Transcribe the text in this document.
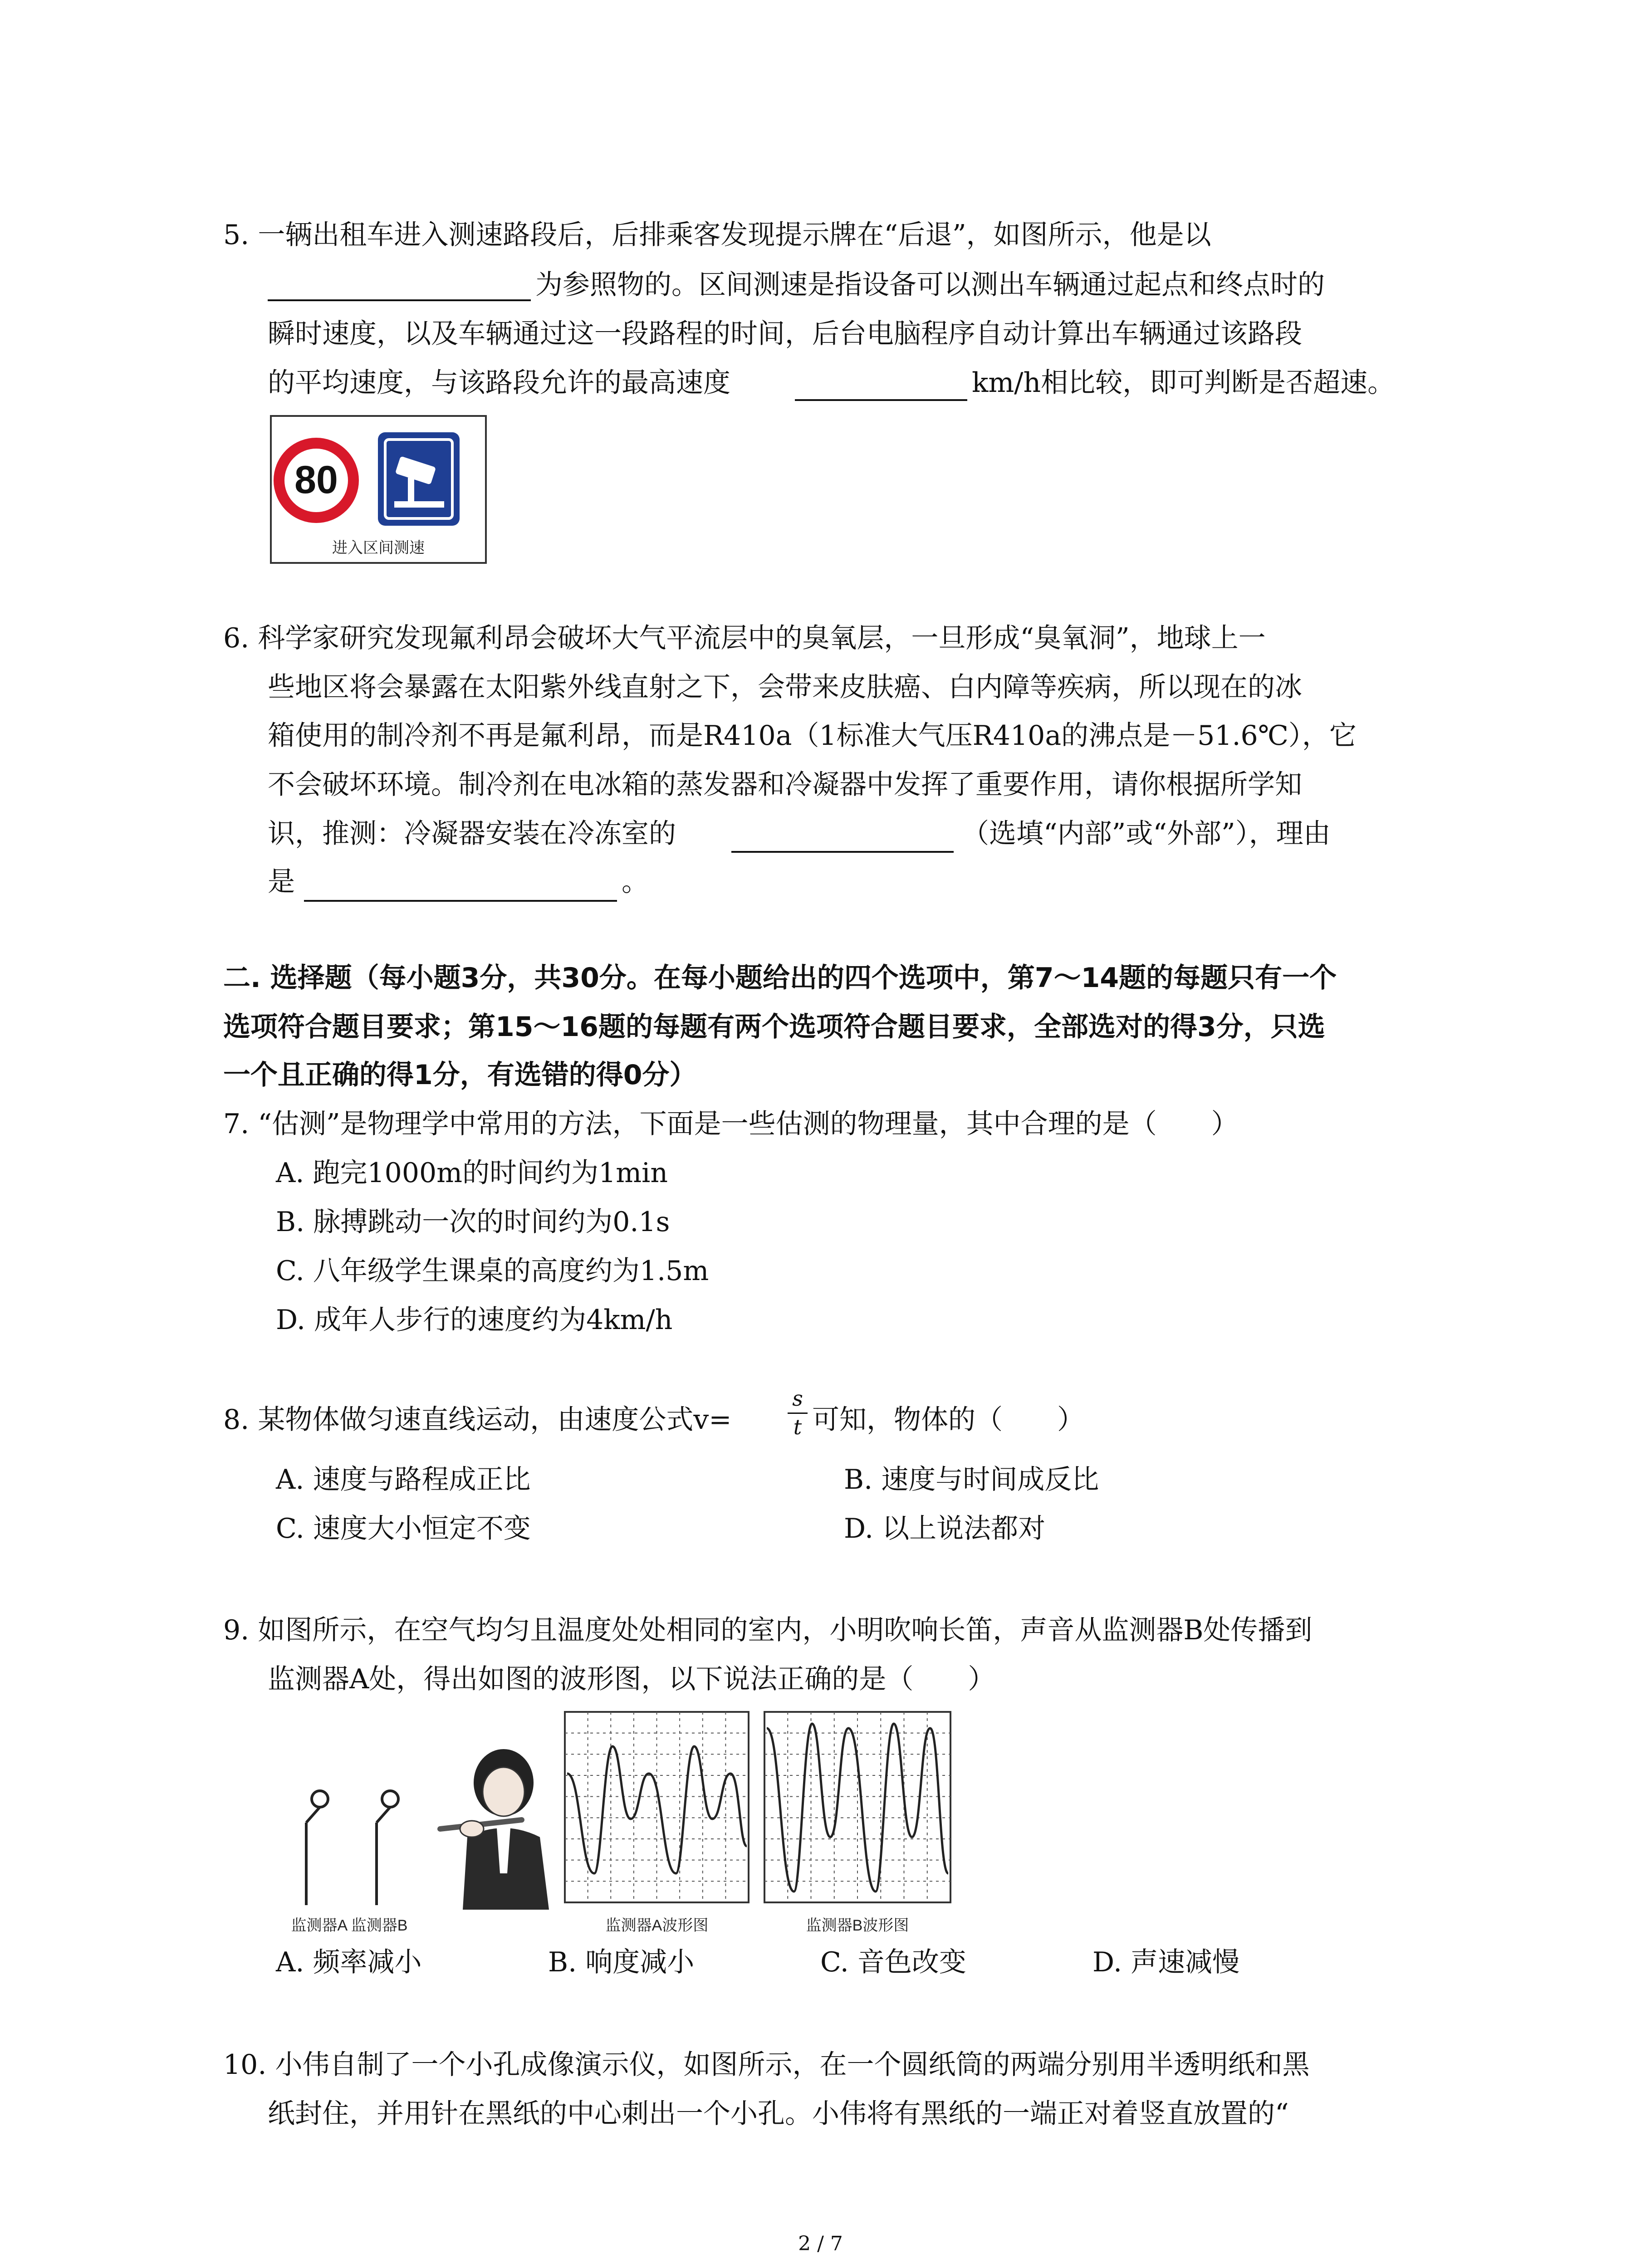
5. 一辆出租车进入测速路段后，后排乘客发现提示牌在“后退”，如图所示，他是以
为参照物的。区间测速是指设备可以测出车辆通过起点和终点时的
瞬时速度，以及车辆通过这一段路程的时间，后台电脑程序自动计算出车辆通过该路段
的平均速度，与该路段允许的最高速度	km/h相比较，即可判断是否超速。
80
进入区间测速
6. 科学家研究发现氟利昂会破坏大气平流层中的臭氧层，一旦形成“臭氧洞”，地球上一
些地区将会暴露在太阳紫外线直射之下，会带来皮肤癌、白内障等疾病，所以现在的冰
箱使用的制冷剂不再是氟利昂，而是R410a（1标准大气压R410a的沸点是－51.6℃），它
不会破坏环境。制冷剂在电冰箱的蒸发器和冷凝器中发挥了重要作用，请你根据所学知
识，推测：冷凝器安装在冷冻室的	（选填“内部”或“外部”），理由
是	。
二. 选择题（每小题3分，共30分。在每小题给出的四个选项中，第7～14题的每题只有一个
选项符合题目要求；第15～16题的每题有两个选项符合题目要求，全部选对的得3分，只选
一个且正确的得1分，有选错的得0分）
7. “估测”是物理学中常用的方法，下面是一些估测的物理量，其中合理的是（　　）
A. 跑完1000m的时间约为1min
B. 脉搏跳动一次的时间约为0.1s
C. 八年级学生课桌的高度约为1.5m
D. 成年人步行的速度约为4km/h
8. 某物体做匀速直线运动，由速度公式v=
s
t 可知，物体的（　　）
A. 速度与路程成正比	B. 速度与时间成反比
C. 速度大小恒定不变	D. 以上说法都对
9. 如图所示，在空气均匀且温度处处相同的室内，小明吹响长笛，声音从监测器B处传播到
监测器A处，得出如图的波形图，以下说法正确的是（　　）
监测器A 监测器B	监测器A波形图	监测器B波形图
A. 频率减小	B. 响度减小	C. 音色改变	D. 声速减慢
10. 小伟自制了一个小孔成像演示仪，如图所示，在一个圆纸筒的两端分别用半透明纸和黑
纸封住，并用针在黑纸的中心刺出一个小孔。小伟将有黑纸的一端正对着竖直放置的“
2 / 7
